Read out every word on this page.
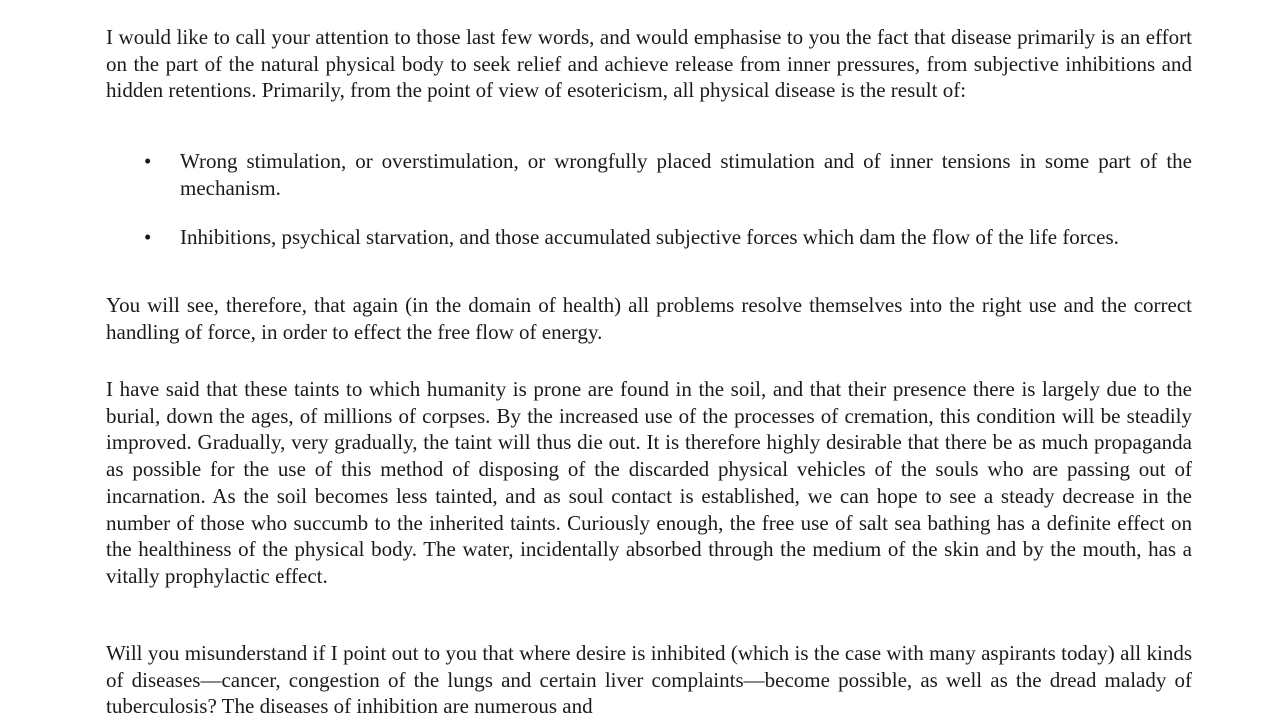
I would like to call your attention to those last few words, and would emphasise to you the fact that disease primarily is an effort on the part of the natural physical body to seek relief and achieve release from inner pressures, from subjective inhibitions and hidden retentions. Primarily, from the point of view of esotericism, all physical disease is the result of:

• Wrong stimulation, or overstimulation, or wrongfully placed stimulation and of inner tensions in some part of the mechanism.

• Inhibitions, psychical starvation, and those accumulated subjective forces which dam the flow of the life forces.

You will see, therefore, that again (in the domain of health) all problems resolve themselves into the right use and the correct handling of force, in order to effect the free flow of energy.

I have said that these taints to which humanity is prone are found in the soil, and that their presence there is largely due to the burial, down the ages, of millions of corpses. By the increased use of the processes of cremation, this condition will be steadily improved. Gradually, very gradually, the taint will thus die out. It is therefore highly desirable that there be as much propaganda as possible for the use of this method of disposing of the discarded physical vehicles of the souls who are passing out of incarnation. As the soil becomes less tainted, and as soul contact is established, we can hope to see a steady decrease in the number of those who succumb to the inherited taints. Curiously enough, the free use of salt sea bathing has a definite effect on the healthiness of the physical body. The water, incidentally absorbed through the medium of the skin and by the mouth, has a vitally prophylactic effect.

Will you misunderstand if I point out to you that where desire is inhibited (which is the case with many aspirants today) all kinds of diseases—cancer, congestion of the lungs and certain liver complaints—become possible, as well as the dread malady of tuberculosis? The diseases of inhibition are numerous and
